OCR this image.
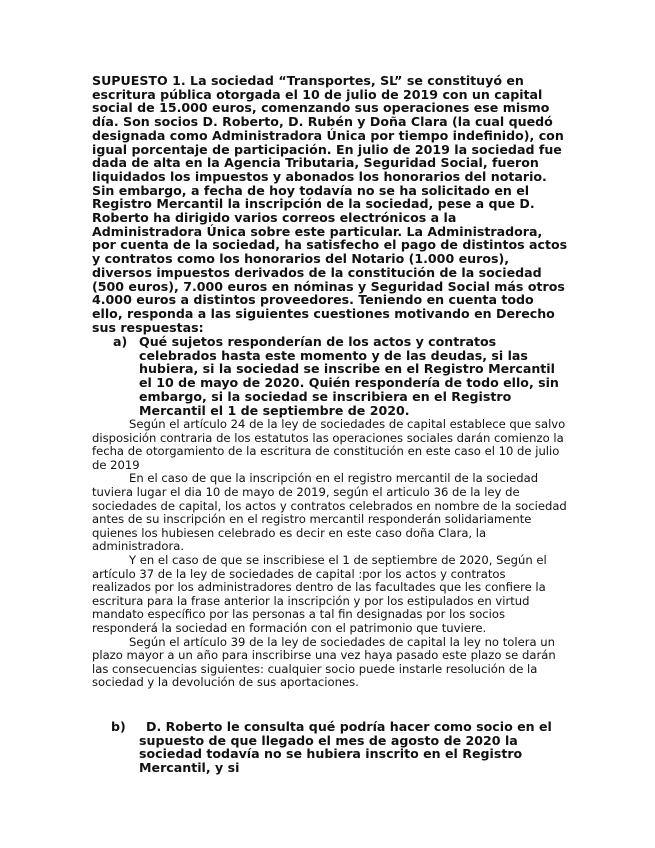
SUPUESTO 1. La sociedad “Transportes, SL” se constituyó en escritura pública otorgada el 10 de julio de 2019 con un capital social de 15.000 euros, comenzando sus operaciones ese mismo día. Son socios D. Roberto, D. Rubén y Doña Clara (la cual quedó designada como Administradora Única por tiempo indefinido), con igual porcentaje de participación. En julio de 2019 la sociedad fue dada de alta en la Agencia Tributaria, Seguridad Social, fueron liquidados los impuestos y abonados los honorarios del notario. Sin embargo, a fecha de hoy todavía no se ha solicitado en el Registro Mercantil la inscripción de la sociedad, pese a que D. Roberto ha dirigido varios correos electrónicos a la Administradora Única sobre este particular. La Administradora, por cuenta de la sociedad, ha satisfecho el pago de distintos actos y contratos como los honorarios del Notario (1.000 euros), diversos impuestos derivados de la constitución de la sociedad (500 euros), 7.000 euros en nóminas y Seguridad Social más otros 4.000 euros a distintos proveedores. Teniendo en cuenta todo ello, responda a las siguientes cuestiones motivando en Derecho sus respuestas:

a) Qué sujetos responderían de los actos y contratos celebrados hasta este momento y de las deudas, si las hubiera, si la sociedad se inscribe en el Registro Mercantil el 10 de mayo de 2020. Quién respondería de todo ello, sin embargo, si la sociedad se inscribiera en el Registro Mercantil el 1 de septiembre de 2020.

Según el artículo 24 de la ley de sociedades de capital establece que salvo disposición contraria de los estatutos las operaciones sociales darán comienzo la fecha de otorgamiento de la escritura de constitución en este caso el 10 de julio de 2019

En el caso de que la inscripción en el registro mercantil de la sociedad tuviera lugar el dia 10 de mayo de 2019, según el articulo 36 de la ley de sociedades de capital, los actos y contratos celebrados en nombre de la sociedad antes de su inscripción en el registro mercantil responderán solidariamente quienes los hubiesen celebrado es decir en este caso doña Clara, la administradora.

Y en el caso de que se inscribiese el 1 de septiembre de 2020, Según el artículo 37 de la ley de sociedades de capital :por los actos y contratos realizados por los administradores dentro de las facultades que les confiere la escritura para la frase anterior la inscripción y por los estipulados en virtud mandato específico por las personas a tal fin designadas por los socios responderá la sociedad en formación con el patrimonio que tuviere.

Según el artículo 39 de la ley de sociedades de capital la ley no tolera un plazo mayor a un año para inscribirse una vez haya pasado este plazo se darán las consecuencias siguientes: cualquier socio puede instarle resolución de la sociedad y la devolución de sus aportaciones.

b)	D. Roberto le consulta qué podría hacer como socio en el supuesto de que llegado el mes de agosto de 2020 la sociedad todavía no se hubiera inscrito en el Registro Mercantil, y si
